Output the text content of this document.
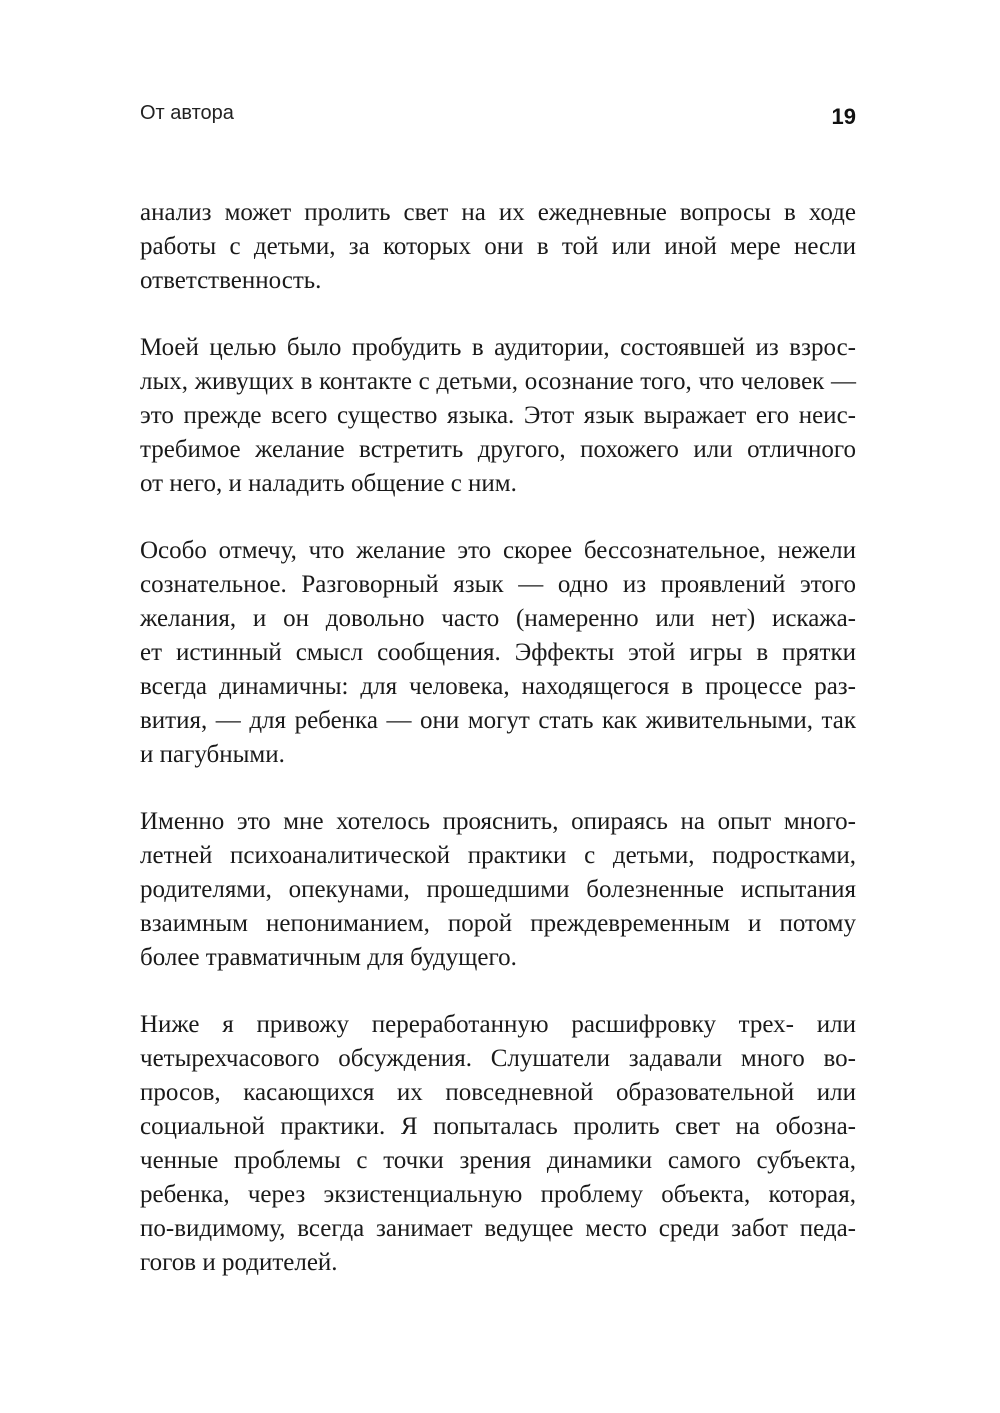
От автора	19

анализ может пролить свет на их ежедневные вопросы в ходе
работы с детьми, за которых они в той или иной мере несли
ответственность.

Моей целью было пробудить в аудитории, состоявшей из взрос-
лых, живущих в контакте с детьми, осознание того, что человек —
это прежде всего существо языка. Этот язык выражает его неис-
требимое желание встретить другого, похожего или отличного
от него, и наладить общение с ним.

Особо отмечу, что желание это скорее бессознательное, нежели
сознательное. Разговорный язык — одно из проявлений этого
желания, и он довольно часто (намеренно или нет) искажа-
ет истинный смысл сообщения. Эффекты этой игры в прятки
всегда динамичны: для человека, находящегося в процессе раз-
вития, — для ребенка — они могут стать как живительными, так
и пагубными.

Именно это мне хотелось прояснить, опираясь на опыт много-
летней психоаналитической практики с детьми, подростками,
родителями, опекунами, прошедшими болезненные испытания
взаимным непониманием, порой преждевременным и потому
более травматичным для будущего.

Ниже я привожу переработанную расшифровку трех- или
четырехчасового обсуждения. Слушатели задавали много во-
просов, касающихся их повседневной образовательной или
социальной практики. Я попыталась пролить свет на обозна-
ченные проблемы с точки зрения динамики самого субъекта,
ребенка, через экзистенциальную проблему объекта, которая,
по-видимому, всегда занимает ведущее место среди забот педа-
гогов и родителей.
